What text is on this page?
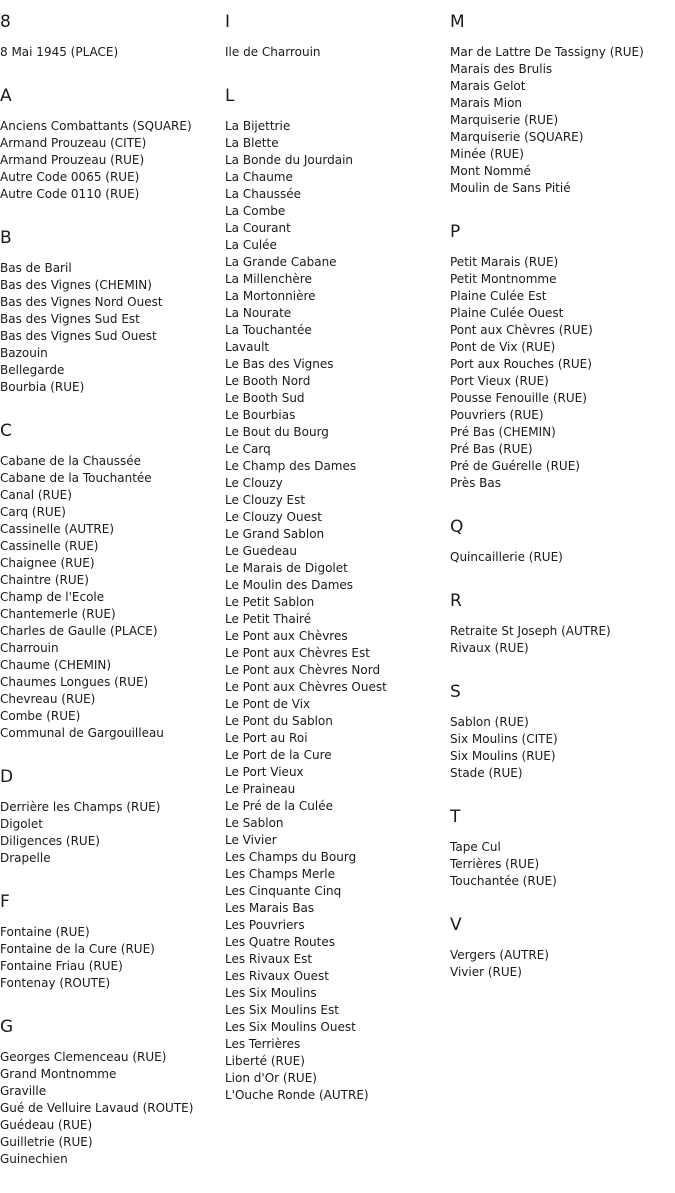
8
8 Mai 1945 (PLACE)
A
Anciens Combattants (SQUARE)
Armand Prouzeau (CITE)
Armand Prouzeau (RUE)
Autre Code 0065 (RUE)
Autre Code 0110 (RUE)
B
Bas de Baril
Bas des Vignes (CHEMIN)
Bas des Vignes Nord Ouest
Bas des Vignes Sud Est
Bas des Vignes Sud Ouest
Bazouin
Bellegarde
Bourbia (RUE)
C
Cabane de la Chaussée
Cabane de la Touchantée
Canal (RUE)
Carq (RUE)
Cassinelle (AUTRE)
Cassinelle (RUE)
Chaignee (RUE)
Chaintre (RUE)
Champ de l'Ecole
Chantemerle (RUE)
Charles de Gaulle (PLACE)
Charrouin
Chaume (CHEMIN)
Chaumes Longues (RUE)
Chevreau (RUE)
Combe (RUE)
Communal de Gargouilleau
D
Derrière les Champs (RUE)
Digolet
Diligences (RUE)
Drapelle
F
Fontaine (RUE)
Fontaine de la Cure (RUE)
Fontaine Friau (RUE)
Fontenay (ROUTE)
G
Georges Clemenceau (RUE)
Grand Montnomme
Graville
Gué de Velluire Lavaud (ROUTE)
Guédeau (RUE)
Guilletrie (RUE)
Guinechien
I
Ile de Charrouin
L
La Bijettrie
La Blette
La Bonde du Jourdain
La Chaume
La Chaussée
La Combe
La Courant
La Culée
La Grande Cabane
La Millenchère
La Mortonnière
La Nourate
La Touchantée
Lavault
Le Bas des Vignes
Le Booth Nord
Le Booth Sud
Le Bourbias
Le Bout du Bourg
Le Carq
Le Champ des Dames
Le Clouzy
Le Clouzy Est
Le Clouzy Ouest
Le Grand Sablon
Le Guedeau
Le Marais de Digolet
Le Moulin des Dames
Le Petit Sablon
Le Petit Thairé
Le Pont aux Chèvres
Le Pont aux Chèvres Est
Le Pont aux Chèvres Nord
Le Pont aux Chèvres Ouest
Le Pont de Vix
Le Pont du Sablon
Le Port au Roi
Le Port de la Cure
Le Port Vieux
Le Praineau
Le Pré de la Culée
Le Sablon
Le Vivier
Les Champs du Bourg
Les Champs Merle
Les Cinquante Cinq
Les Marais Bas
Les Pouvriers
Les Quatre Routes
Les Rivaux Est
Les Rivaux Ouest
Les Six Moulins
Les Six Moulins Est
Les Six Moulins Ouest
Les Terrières
Liberté (RUE)
Lion d'Or (RUE)
L'Ouche Ronde (AUTRE)
M
Mar de Lattre De Tassigny (RUE)
Marais des Brulis
Marais Gelot
Marais Mion
Marquiserie (RUE)
Marquiserie (SQUARE)
Minée (RUE)
Mont Nommé
Moulin de Sans Pitié
P
Petit Marais (RUE)
Petit Montnomme
Plaine Culée Est
Plaine Culée Ouest
Pont aux Chèvres (RUE)
Pont de Vix (RUE)
Port aux Rouches (RUE)
Port Vieux (RUE)
Pousse Fenouille (RUE)
Pouvriers (RUE)
Pré Bas (CHEMIN)
Pré Bas (RUE)
Pré de Guérelle (RUE)
Près Bas
Q
Quincaillerie (RUE)
R
Retraite St Joseph (AUTRE)
Rivaux (RUE)
S
Sablon (RUE)
Six Moulins (CITE)
Six Moulins (RUE)
Stade (RUE)
T
Tape Cul
Terrières (RUE)
Touchantée (RUE)
V
Vergers (AUTRE)
Vivier (RUE)
